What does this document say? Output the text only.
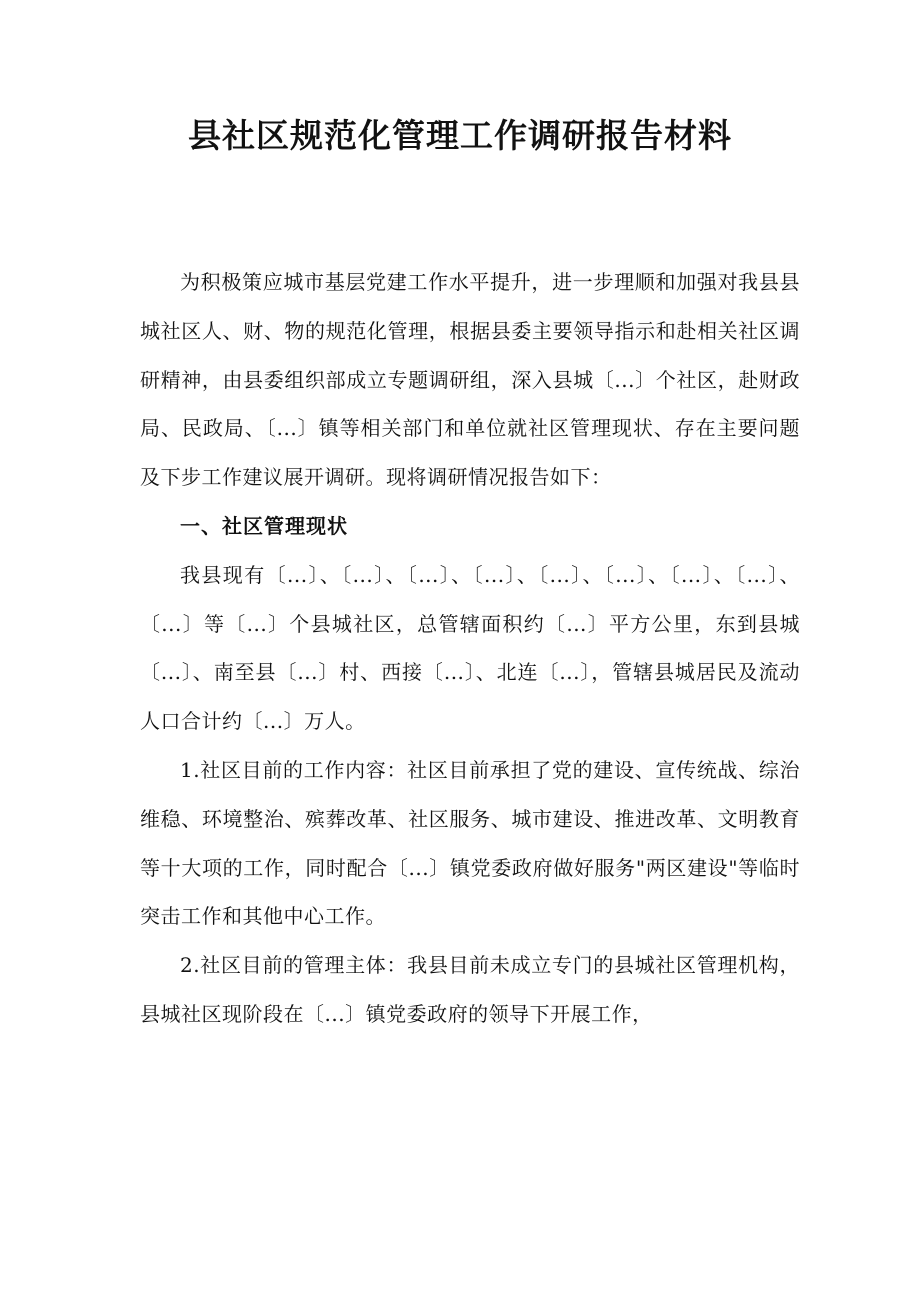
县社区规范化管理工作调研报告材料

为积极策应城市基层党建工作水平提升，进一步理顺和加强对我县县城社区人、财、物的规范化管理，根据县委主要领导指示和赴相关社区调研精神，由县委组织部成立专题调研组，深入县城〔...〕个社区，赴财政局、民政局、〔...〕镇等相关部门和单位就社区管理现状、存在主要问题及下步工作建议展开调研。现将调研情况报告如下：

一、社区管理现状

我县现有〔...〕、〔...〕、〔...〕、〔...〕、〔...〕、〔...〕、〔...〕、〔...〕、〔...〕等〔...〕个县城社区，总管辖面积约〔...〕平方公里，东到县城〔...〕、南至县〔...〕村、西接〔...〕、北连〔...〕，管辖县城居民及流动人口合计约〔...〕万人。

1.社区目前的工作内容：社区目前承担了党的建设、宣传统战、综治维稳、环境整治、殡葬改革、社区服务、城市建设、推进改革、文明教育等十大项的工作，同时配合〔...〕镇党委政府做好服务"两区建设"等临时突击工作和其他中心工作。

2.社区目前的管理主体：我县目前未成立专门的县城社区管理机构，县城社区现阶段在〔...〕镇党委政府的领导下开展工作，
